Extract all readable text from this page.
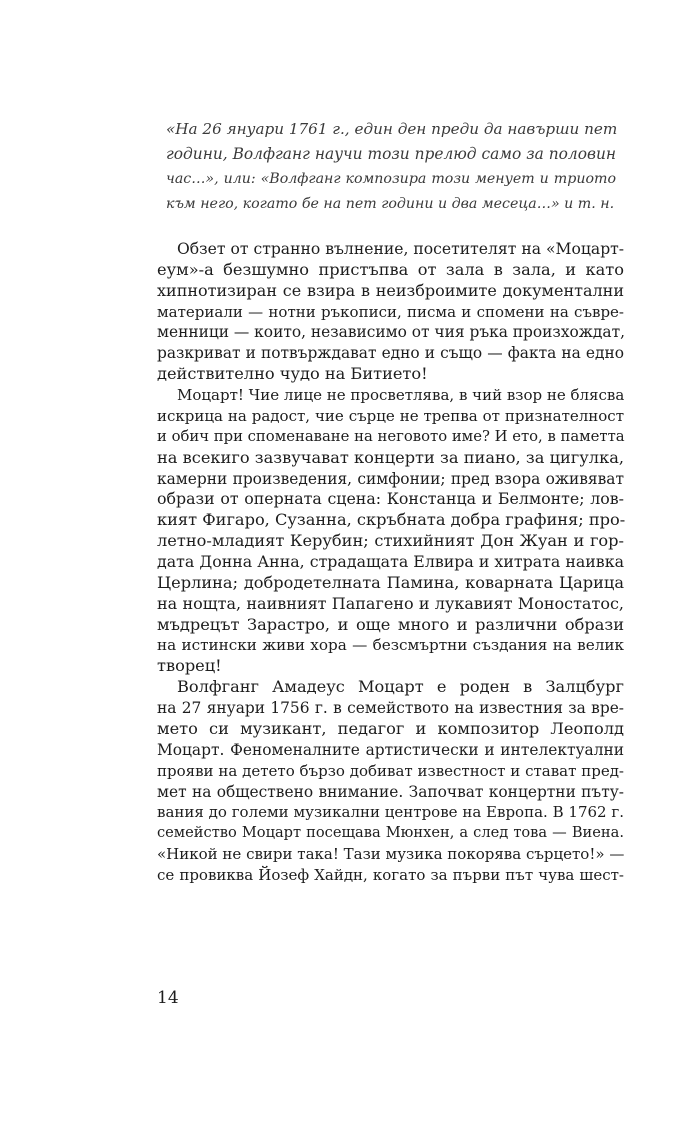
«На 26 януари 1761 г., един ден преди да навърши пет
години, Волфганг научи този прелюд само за половин
час…», или: «Волфганг композира този менует и триото
към него, когато бе на пет години и два месеца…» и т. н.
Обзет от странно вълнение, посетителят на «Моцарт-
еум»-а безшумно пристъпва от зала в зала, и като
хипнотизиран се взира в неизброимите документални
материали — нотни ръкописи, писма и спомени на съвре-
менници — които, независимо от чия ръка произхождат,
разкриват и потвърждават едно и също — факта на едно
действително чудо на Битието!
Моцарт! Чие лице не просветлява, в чий взор не блясва
искрица на радост, чие сърце не трепва от признателност
и обич при споменаване на неговото име? И ето, в паметта
на всекиго зазвучават концерти за пиано, за цигулка,
камерни произведения, симфонии; пред взора оживяват
образи от оперната сцена: Констанца и Белмонте; лов-
кият Фигаро, Сузанна, скръбната добра графиня; про-
летно-младият Керубин; стихийният Дон Жуан и гор-
дата Донна Анна, страдащата Елвира и хитрата наивка
Церлина; добродетелната Памина, коварната Царица
на нощта, наивният Папагено и лукавият Моностатос,
мъдрецът Зарастро, и още много и различни образи
на истински живи хора — безсмъртни създания на велик
творец!
Волфганг Амадеус Моцарт е роден в Залцбург
на 27 януари 1756 г. в семейството на известния за вре-
мето си музикант, педагог и композитор Леополд
Моцарт. Феноменалните артистически и интелектуални
прояви на детето бързо добиват известност и стават пред-
мет на обществено внимание. Започват концертни пъту-
вания до големи музикални центрове на Европа. В 1762 г.
семейство Моцарт посещава Мюнхен, а след това — Виена.
«Никой не свири така! Тази музика покорява сърцето!» —
се провиква Йозеф Хайдн, когато за първи път чува шест-
14
